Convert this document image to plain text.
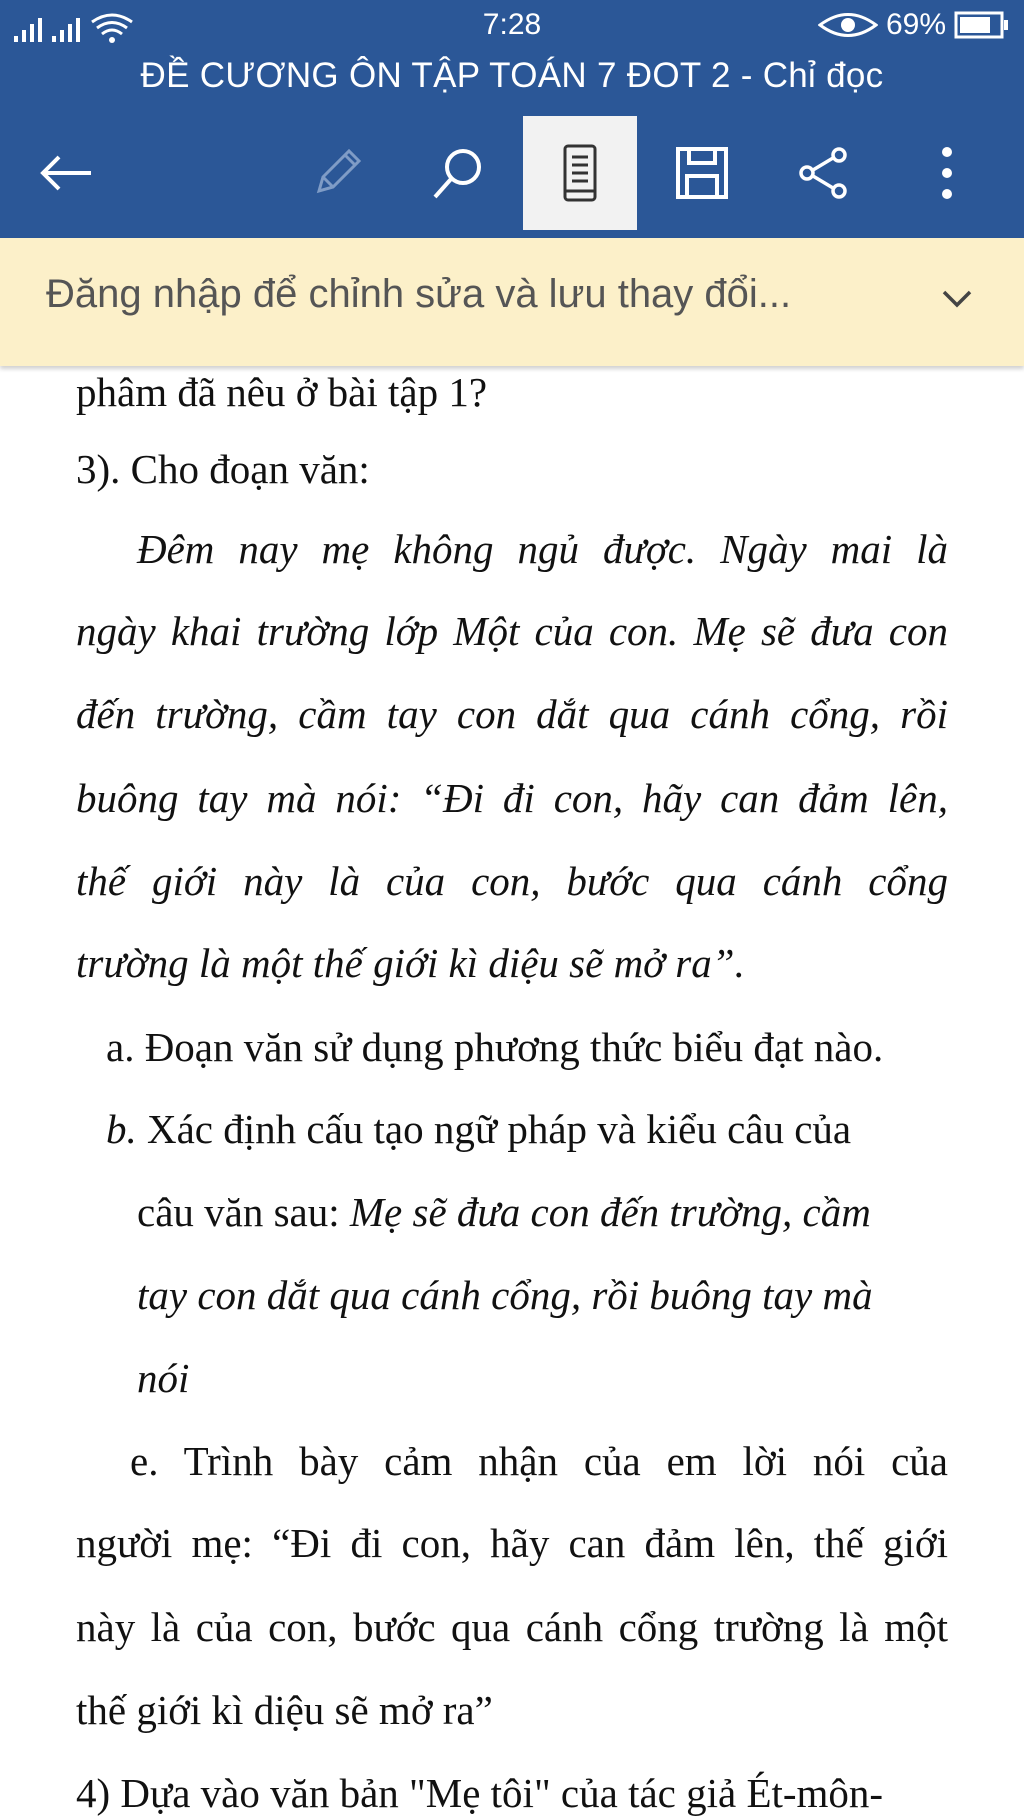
7:28	69%
ĐỀ CƯƠNG ÔN TẬP TOÁN 7 ĐOT 2 - Chỉ đọc
Đăng nhập để chỉnh sửa và lưu thay đổi...
phâm đã nêu ở bài tập 1?
3). Cho đoạn văn:
Đêm nay mẹ không ngủ được. Ngày mai là
ngày khai trường lớp Một của con. Mẹ sẽ đưa con
đến trường, cầm tay con dắt qua cánh cổng, rồi
buông tay mà nói: “Đi đi con, hãy can đảm lên,
thế giới này là của con, bước qua cánh cổng
trường là một thế giới kì diệu sẽ mở ra”.
a. Đoạn văn sử dụng phương thức biểu đạt nào.
b. Xác định cấu tạo ngữ pháp và kiểu câu của
câu văn sau: Mẹ sẽ đưa con đến trường, cầm
tay con dắt qua cánh cổng, rồi buông tay mà
nói
e. Trình bày cảm nhận của em lời nói của
người mẹ: “Đi đi con, hãy can đảm lên, thế giới
này là của con, bước qua cánh cổng trường là một
thế giới kì diệu sẽ mở ra”
4) Dựa vào văn bản "Mẹ tôi" của tác giả Ét-môn-
